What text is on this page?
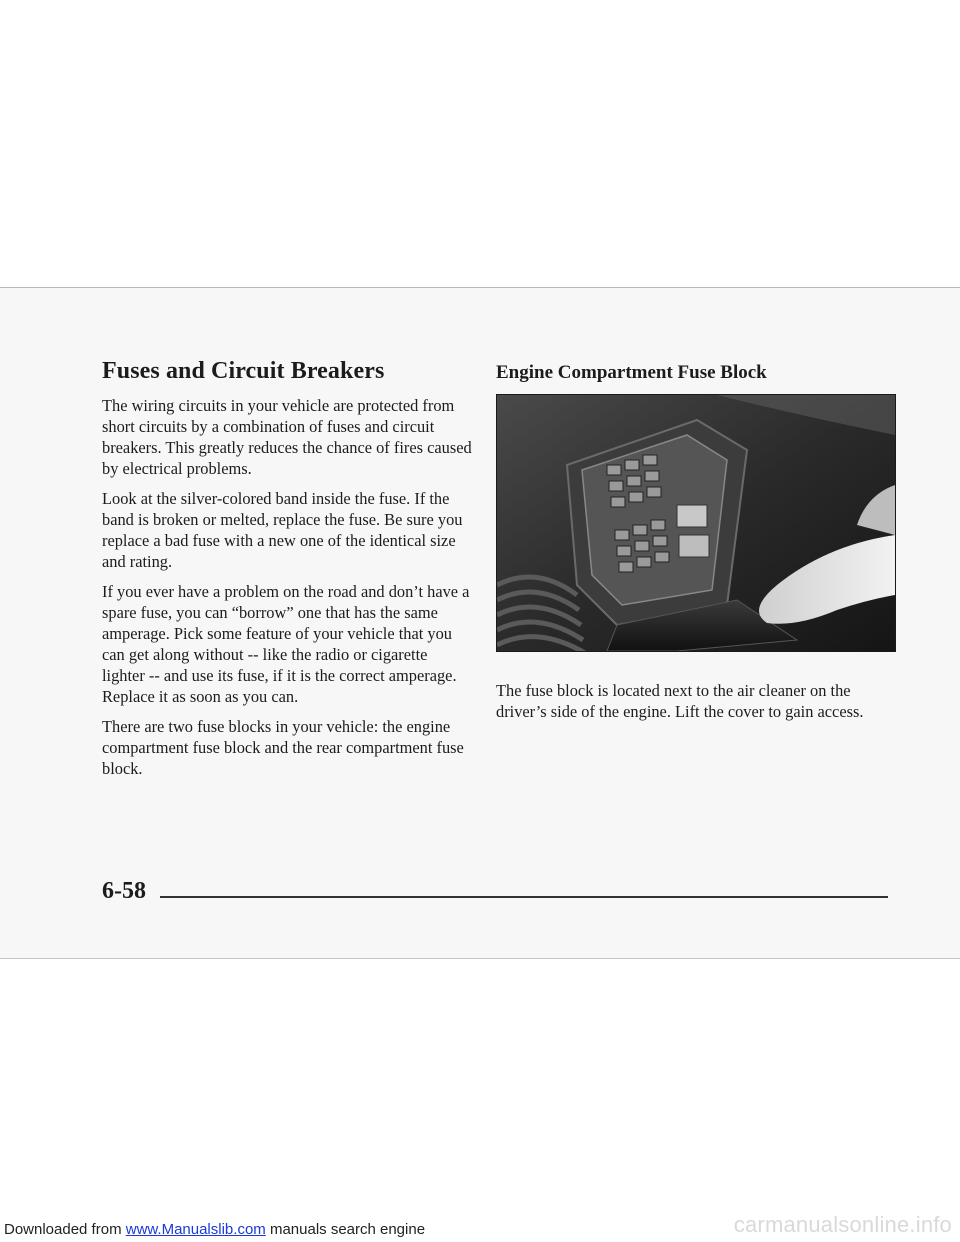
Fuses and Circuit Breakers

The wiring circuits in your vehicle are protected from short circuits by a combination of fuses and circuit breakers. This greatly reduces the chance of fires caused by electrical problems.

Look at the silver-colored band inside the fuse. If the band is broken or melted, replace the fuse. Be sure you replace a bad fuse with a new one of the identical size and rating.

If you ever have a problem on the road and don’t have a spare fuse, you can “borrow” one that has the same amperage. Pick some feature of your vehicle that you can get along without -- like the radio or cigarette lighter -- and use its fuse, if it is the correct amperage. Replace it as soon as you can.

There are two fuse blocks in your vehicle: the engine compartment fuse block and the rear compartment fuse block.

Engine Compartment Fuse Block

The fuse block is located next to the air cleaner on the driver’s side of the engine. Lift the cover to gain access.

6-58
Downloaded from www.Manualslib.com manuals search engine	carmanualsonline.info
